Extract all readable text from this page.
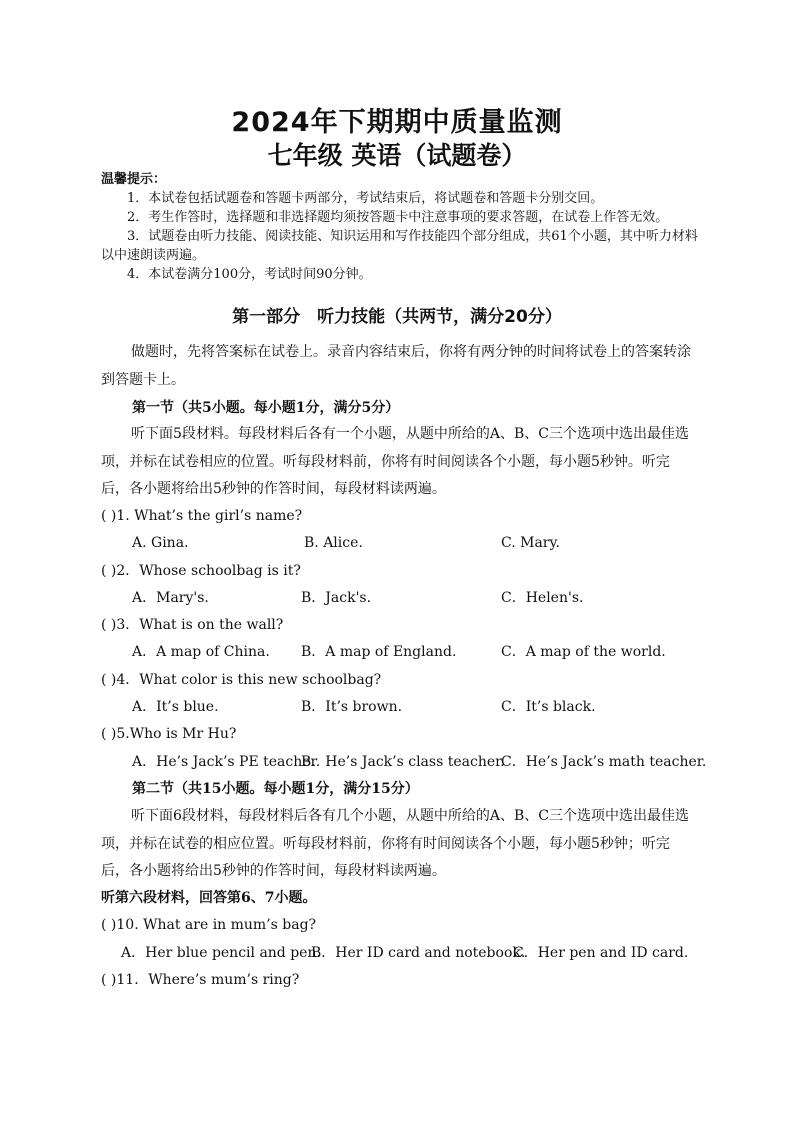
2024年下期期中质量监测
七年级 英语（试题卷）
温馨提示：
1．本试卷包括试题卷和答题卡两部分，考试结束后，将试题卷和答题卡分别交回。
2．考生作答时，选择题和非选择题均须按答题卡中注意事项的要求答题，在试卷上作答无效。
3．试题卷由听力技能、阅读技能、知识运用和写作技能四个部分组成，共61个小题，其中听力材料以中速朗读两遍。
4．本试卷满分100分，考试时间90分钟。
第一部分　听力技能（共两节，满分20分）
做题时，先将答案标在试卷上。录音内容结束后，你将有两分钟的时间将试卷上的答案转涂到答题卡上。
第一节（共5小题。每小题1分，满分5分）
听下面5段材料。每段材料后各有一个小题，从题中所给的A、B、C三个选项中选出最佳选项，并标在试卷相应的位置。听每段材料前，你将有时间阅读各个小题，每小题5秒钟。听完后，各小题将给出5秒钟的作答时间，每段材料读两遍。
( )1. What’s the girl’s name?
A. Gina.	B. Alice.	C. Mary.
( )2．Whose schoolbag is it?
A．Mary's.	B．Jack's.	C．Helen's.
( )3．What is on the wall?
A．A map of China. B．A map of England.	C．A map of the world.
( )4．What color is this new schoolbag?
A．It’s blue.	B．It’s brown.	C．It’s black.
( )5.Who is Mr Hu?
A．He’s Jack’s PE teacher.
B．He’s Jack’s class teacher.
C．He’s Jack’s math teacher.
第二节（共15小题。每小题1分，满分15分）
听下面6段材料，每段材料后各有几个小题，从题中所给的A、B、C三个选项中选出最佳选项，并标在试卷的相应位置。听每段材料前，你将有时间阅读各个小题，每小题5秒钟；听完后，各小题将给出5秒钟的作答时间，每段材料读两遍。
听第六段材料，回答第6、7小题。
( )10. What are in mum’s bag?
A．Her blue pencil and pen.
B．Her ID card and notebook.
C．Her pen and ID card.
( )11．Where’s mum’s ring?
